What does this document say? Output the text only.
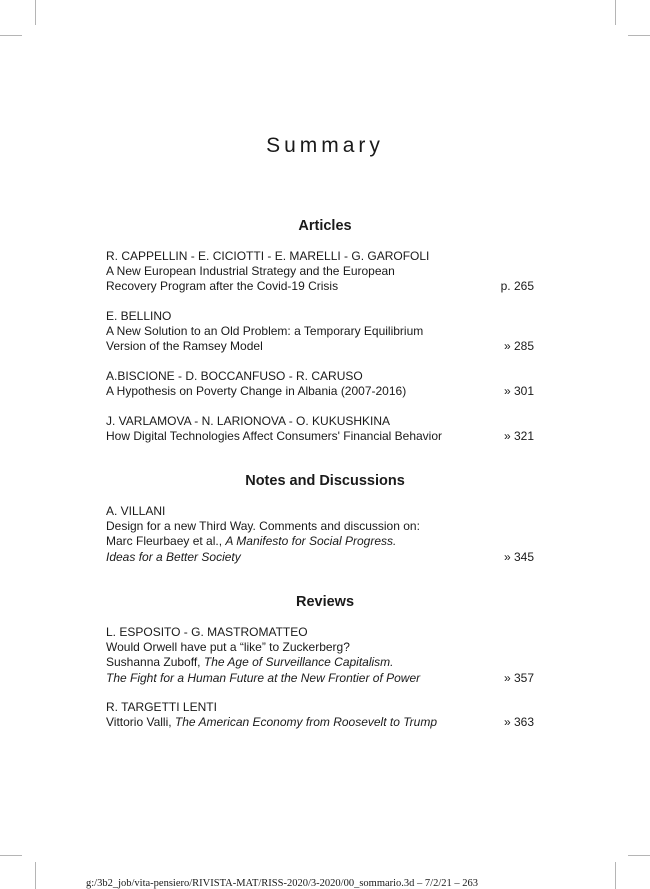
Summary
Articles
R. CAPPELLIN - E. CICIOTTI - E. MARELLI - G. GAROFOLI
A New European Industrial Strategy and the European
Recovery Program after the Covid-19 Crisis	p. 265
E. BELLINO
A New Solution to an Old Problem: a Temporary Equilibrium
Version of the Ramsey Model	» 285
A.BISCIONE - D. BOCCANFUSO - R. CARUSO
A Hypothesis on Poverty Change in Albania (2007-2016)	» 301
J. VARLAMOVA - N. LARIONOVA - O. KUKUSHKINA
How Digital Technologies Affect Consumers' Financial Behavior	» 321
Notes and Discussions
A. VILLANI
Design for a new Third Way. Comments and discussion on:
Marc Fleurbaey et al., A Manifesto for Social Progress.
Ideas for a Better Society	» 345
Reviews
L. ESPOSITO - G. MASTROMATTEO
Would Orwell have put a “like” to Zuckerberg?
Sushanna Zuboff, The Age of Surveillance Capitalism.
The Fight for a Human Future at the New Frontier of Power	» 357
R. TARGETTI LENTI
Vittorio Valli, The American Economy from Roosevelt to Trump	» 363
g:/3b2_job/vita-pensiero/RIVISTA-MAT/RISS-2020/3-2020/00_sommario.3d – 7/2/21 – 263
